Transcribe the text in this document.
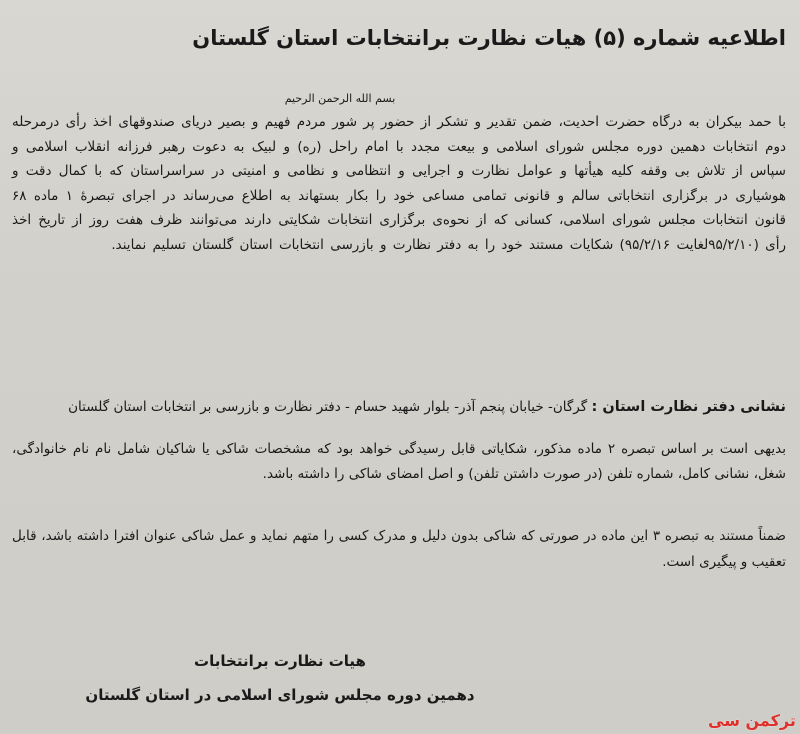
اطلاعیه شماره (۵) هیات نظارت برانتخابات استان گلستان
بسم الله الرحمن الرحیم
با حمد بیکران به درگاه حضرت احدیت، ضمن تقدیر و تشکر از حضور پر شور مردم فهیم و بصیر دریای صندوقهای اخذ رأی درمرحله دوم انتخابات دهمین دوره مجلس شورای اسلامی و بیعت مجدد با امام راحل (ره) و لبیک به دعوت رهبر فرزانه انقلاب اسلامی و سپاس از تلاش بی وقفه کلیه هیأتها و عوامل نظارت و اجرایی و انتظامی و نظامی و امنیتی در سراسراستان که با کمال دقت و هوشیاری در برگزاری انتخاباتی سالم و قانونی تمامی مساعی خود را بکار بستهاند به اطلاع می‌رساند در اجرای تبصرۀ ۱ ماده ۶۸ قانون انتخابات مجلس شورای اسلامی، کسانی که از نحوه‌ی برگزاری انتخابات شکایتی دارند می‌توانند ظرف هفت روز از تاریخ اخذ رأی (۹۵/۲/۱۰لغایت ۹۵/۲/۱۶) شکایات مستند خود را به دفتر نظارت و بازرسی انتخابات استان گلستان تسلیم نمایند.
نشانی دفتر نظارت استان : گرگان- خیابان پنجم آذر- بلوار شهید حسام - دفتر نظارت و بازرسی بر انتخابات استان گلستان
بدیهی است بر اساس تبصره ۲ ماده مذکور، شکایاتی قابل رسیدگی خواهد بود که مشخصات شاکی یا شاکیان شامل نام نام خانوادگی، شغل، نشانی کامل، شماره تلفن (در صورت داشتن تلفن) و اصل امضای شاکی را داشته باشد.
ضمناً مستند به تبصره ۳ این ماده در صورتی که شاکی بدون دلیل و مدرک کسی را متهم نماید و عمل شاکی عنوان افترا داشته باشد، قابل تعقیب و پیگیری است.
هیات نظارت برانتخابات
دهمین دوره مجلس شورای اسلامی در استان گلستان
ترکمن سی
